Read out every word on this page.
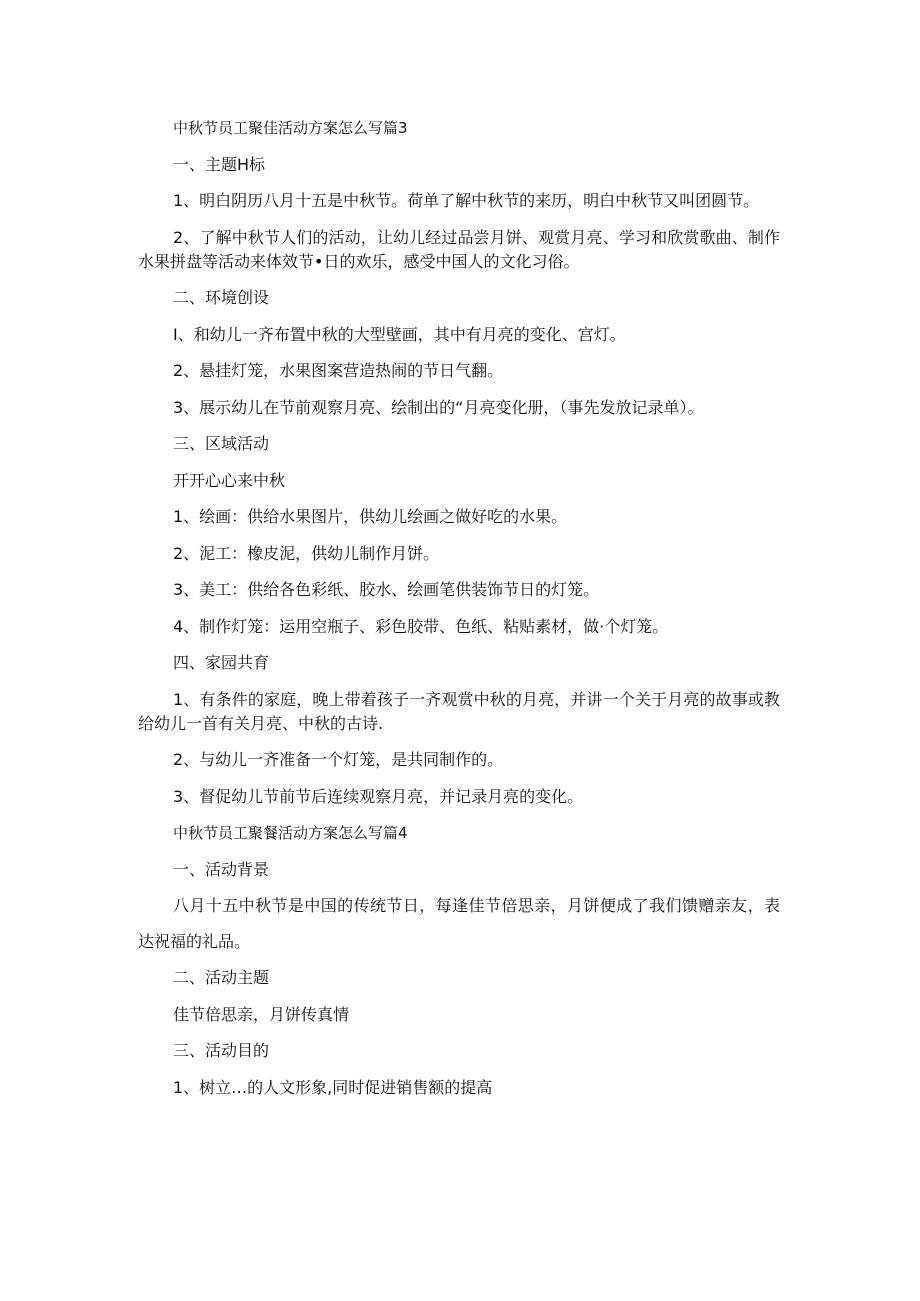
中秋节员工聚佳活动方案怎么写篇3

一、主题H标

1、明白阴历八月十五是中秋节。荷单了解中秋节的来历，明白中秋节又叫团圆节。

2、了解中秋节人们的活动，让幼儿经过品尝月饼、观赏月亮、学习和欣赏歌曲、制作水果拼盘等活动来体效节•日的欢乐，感受中国人的文化习俗。

二、环境创设

I、和幼儿一齐布置中秋的大型壁画，其中有月亮的变化、宫灯。

2、悬挂灯笼，水果图案营造热闹的节日气翻。

3、展示幼儿在节前观察月亮、绘制出的“月亮变化册，（事先发放记录单）。

三、区域活动

开开心心来中秋

1、绘画：供给水果图片，供幼儿绘画之做好吃的水果。

2、泥工：橡皮泥，供幼儿制作月饼。

3、美工：供给各色彩纸、胶水、绘画笔供装饰节日的灯笼。

4、制作灯笼：运用空瓶子、彩色胶带、色纸、粘贴素材，做·个灯笼。

四、家园共育

1、有条件的家庭，晚上带着孩子一齐观赏中秋的月亮，并讲一个关于月亮的故事或教给幼儿一首有关月亮、中秋的古诗.

2、与幼儿一齐准备一个灯笼，是共同制作的。

3、督促幼儿节前节后连续观察月亮，并记录月亮的变化。

中秋节员工聚餐活动方案怎么写篇4

一、活动背景

八月十五中秋节是中国的传统节日，每逢佳节倍思亲，月饼便成了我们馈赠亲友，表达祝福的礼品。

二、活动主题

佳节倍思亲，月饼传真情

三、活动目的

1、树立…的人文形象,同时促进销售额的提高
